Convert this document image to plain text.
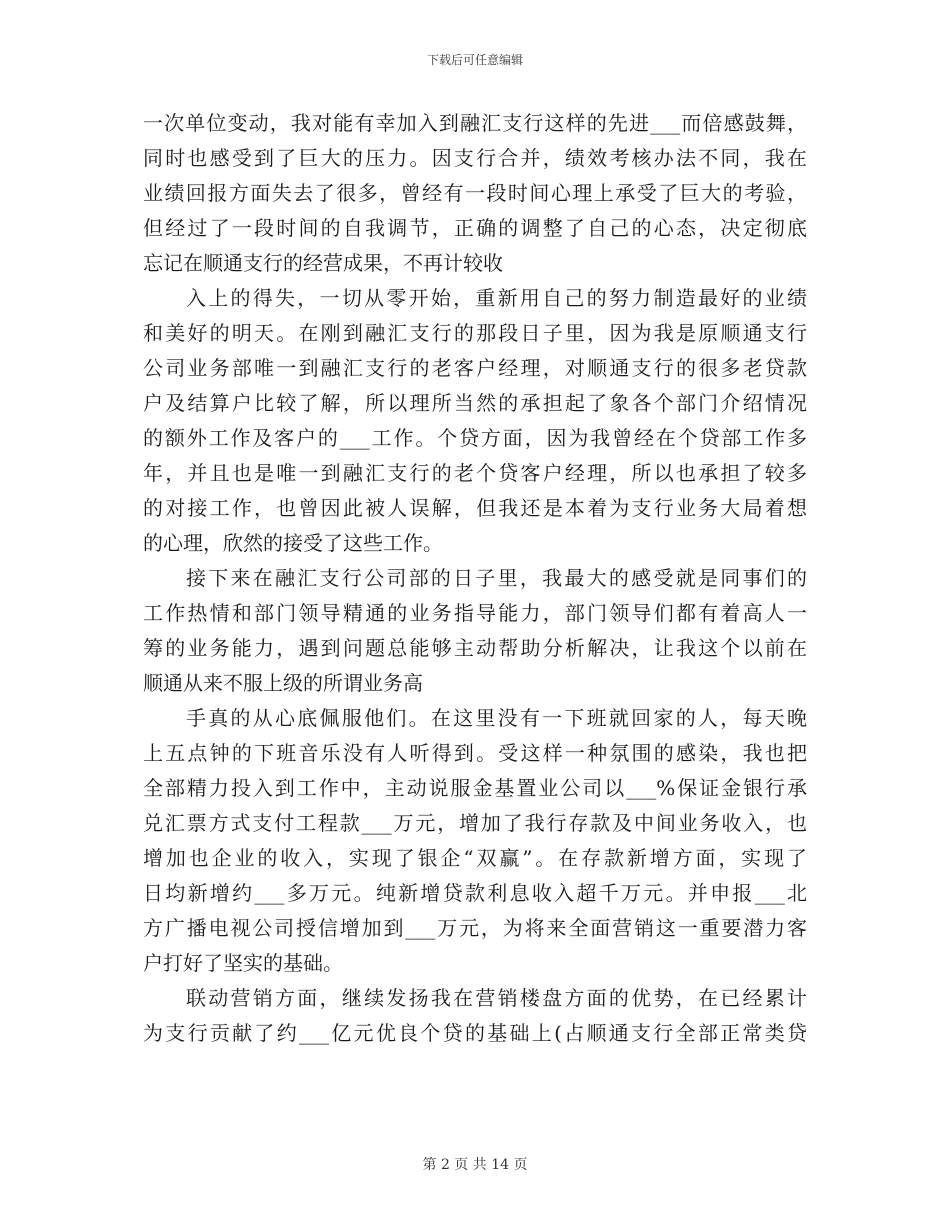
下载后可任意编辑
一次单位变动，我对能有幸加入到融汇支行这样的先进___而倍感鼓舞，
同时也感受到了巨大的压力。因支行合并，绩效考核办法不同，我在
业绩回报方面失去了很多，曾经有一段时间心理上承受了巨大的考验，
但经过了一段时间的自我调节，正确的调整了自己的心态，决定彻底
忘记在顺通支行的经营成果，不再计较收
入上的得失，一切从零开始，重新用自己的努力制造最好的业绩
和美好的明天。在刚到融汇支行的那段日子里，因为我是原顺通支行
公司业务部唯一到融汇支行的老客户经理，对顺通支行的很多老贷款
户及结算户比较了解，所以理所当然的承担起了象各个部门介绍情况
的额外工作及客户的___工作。个贷方面，因为我曾经在个贷部工作多
年，并且也是唯一到融汇支行的老个贷客户经理，所以也承担了较多
的对接工作，也曾因此被人误解，但我还是本着为支行业务大局着想
的心理，欣然的接受了这些工作。
接下来在融汇支行公司部的日子里，我最大的感受就是同事们的
工作热情和部门领导精通的业务指导能力，部门领导们都有着高人一
筹的业务能力，遇到问题总能够主动帮助分析解决，让我这个以前在
顺通从来不服上级的所谓业务高
手真的从心底佩服他们。在这里没有一下班就回家的人，每天晚
上五点钟的下班音乐没有人听得到。受这样一种氛围的感染，我也把
全部精力投入到工作中，主动说服金基置业公司以___%保证金银行承
兑汇票方式支付工程款___万元，增加了我行存款及中间业务收入，也
增加也企业的收入，实现了银企“双赢”。在存款新增方面，实现了
日均新增约___多万元。纯新增贷款利息收入超千万元。并申报___北
方广播电视公司授信增加到___万元，为将来全面营销这一重要潜力客
户打好了坚实的基础。
联动营销方面，继续发扬我在营销楼盘方面的优势，在已经累计
为支行贡献了约___亿元优良个贷的基础上(占顺通支行全部正常类贷
第 2 页 共 14 页
